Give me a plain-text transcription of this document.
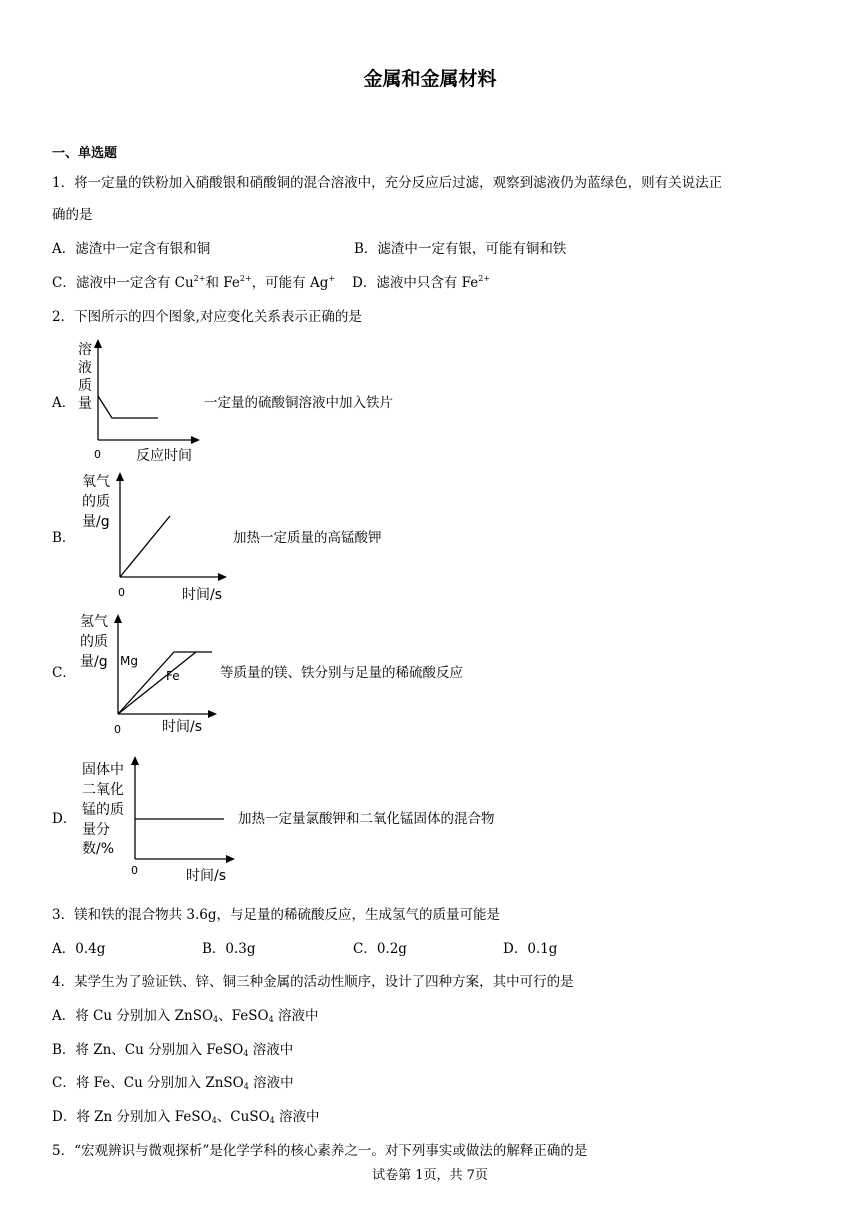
金属和金属材料
一、单选题
1．将一定量的铁粉加入硝酸银和硝酸铜的混合溶液中，充分反应后过滤，观察到滤液仍为蓝绿色，则有关说法正
确的是
A．滤渣中一定含有银和铜	B．滤渣中一定有银，可能有铜和铁
C．滤液中一定含有 $Cu^{2+}$和 $Fe^{2+}$，可能有 Ag+ D．滤液中只含有 $Fe^{2+}$
2．下图所示的四个图象,对应变化关系表示正确的是
A．
溶
液
质
量
0	反应时间
一定量的硫酸铜溶液中加入铁片
B．
氧气
的质
量/g
0	时间/s
加热一定质量的高锰酸钾
C．
氢气
的质
量/g Mg
Fe
0	时间/s
等质量的镁、铁分别与足量的稀硫酸反应
D．
固体中
二氧化
锰的质
量分
数/%
0	时间/s
加热一定量氯酸钾和二氧化锰固体的混合物
3．镁和铁的混合物共 3.6g，与足量的稀硫酸反应，生成氢气的质量可能是
A．0.4g	B．0.3g	C．0.2g	D．0.1g
4．某学生为了验证铁、锌、铜三种金属的活动性顺序，设计了四种方案，其中可行的是
A．将 Cu 分别加入 ZnSO$_4$、FeSO$_4$ 溶液中
B．将 Zn、Cu 分别加入 FeSO$_4$ 溶液中
C．将 Fe、Cu 分别加入 ZnSO$_4$ 溶液中
D．将 Zn 分别加入 FeSO$_4$、CuSO$_4$ 溶液中
5．“宏观辨识与微观探析”是化学学科的核心素养之一。对下列事实或做法的解释正确的是
试卷第 1页，共 7页
